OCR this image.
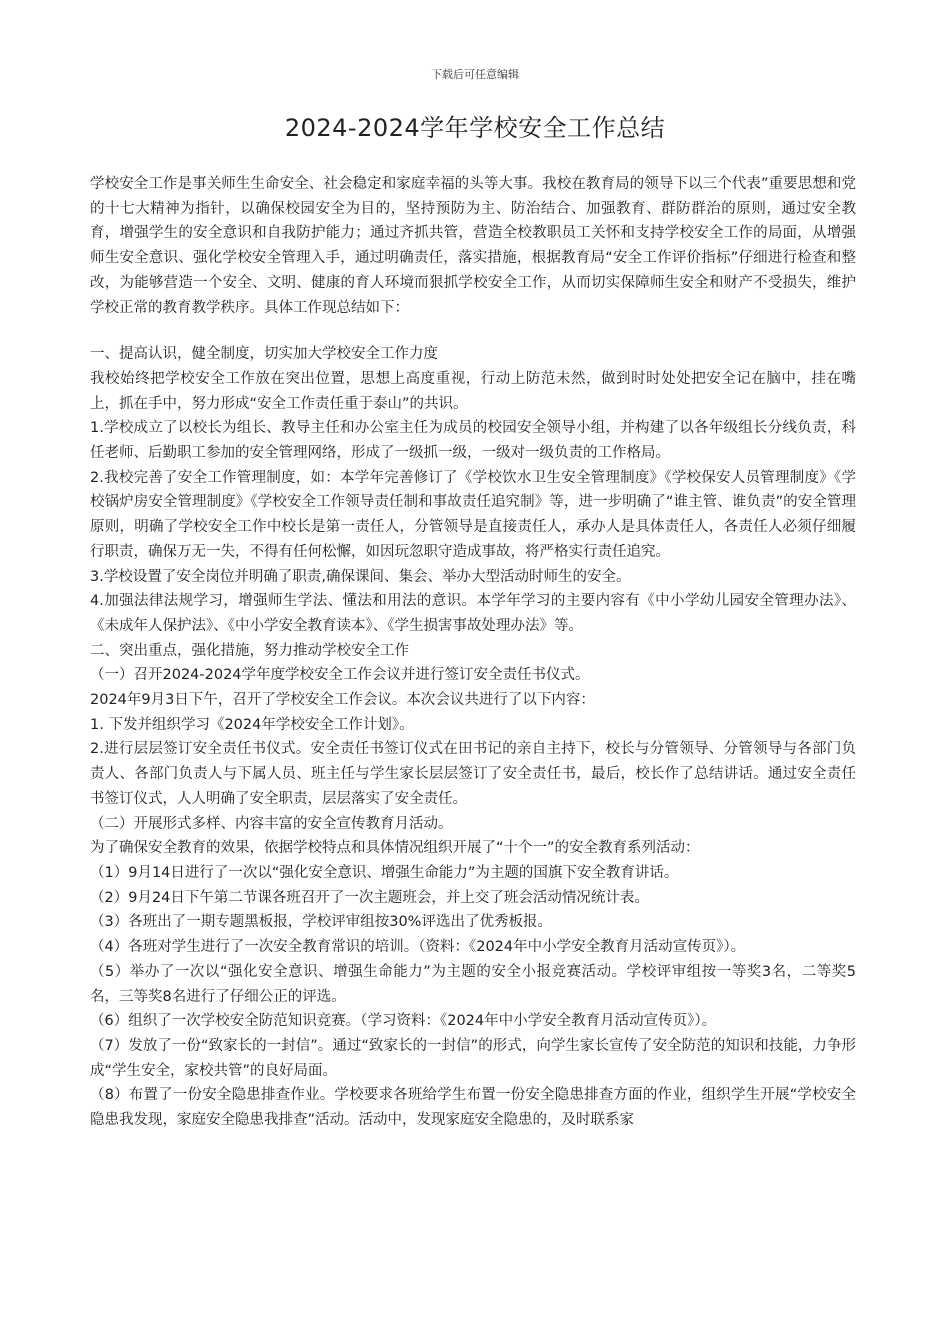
下载后可任意编辑
2024-2024学年学校安全工作总结

学校安全工作是事关师生生命安全、社会稳定和家庭幸福的头等大事。我校在教育局的领导下以三个代表”重要思想和党的十七大精神为指针，以确保校园安全为目的，坚持预防为主、防治结合、加强教育、群防群治的原则，通过安全教育，增强学生的安全意识和自我防护能力；通过齐抓共管，营造全校教职员工关怀和支持学校安全工作的局面，从增强师生安全意识、强化学校安全管理入手，通过明确责任，落实措施，根据教育局“安全工作评价指标”仔细进行检查和整改，为能够营造一个安全、文明、健康的育人环境而狠抓学校安全工作，从而切实保障师生安全和财产不受损失，维护学校正常的教育教学秩序。具体工作现总结如下：

一、提高认识，健全制度，切实加大学校安全工作力度

我校始终把学校安全工作放在突出位置，思想上高度重视，行动上防范未然，做到时时处处把安全记在脑中，挂在嘴上，抓在手中，努力形成“安全工作责任重于泰山”的共识。

1.学校成立了以校长为组长、教导主任和办公室主任为成员的校园安全领导小组，并构建了以各年级组长分线负责，科任老师、后勤职工参加的安全管理网络，形成了一级抓一级，一级对一级负责的工作格局。

2.我校完善了安全工作管理制度，如：本学年完善修订了《学校饮水卫生安全管理制度》《学校保安人员管理制度》《学校锅炉房安全管理制度》《学校安全工作领导责任制和事故责任追究制》等，进一步明确了“谁主管、谁负责”的安全管理原则，明确了学校安全工作中校长是第一责任人，分管领导是直接责任人，承办人是具体责任人，各责任人必须仔细履行职责，确保万无一失，不得有任何松懈，如因玩忽职守造成事故，将严格实行责任追究。

3.学校设置了安全岗位并明确了职责,确保课间、集会、举办大型活动时师生的安全。

4.加强法律法规学习，增强师生学法、懂法和用法的意识。本学年学习的主要内容有《中小学幼儿园安全管理办法》、《未成年人保护法》、《中小学安全教育读本》、《学生损害事故处理办法》等。

二、突出重点，强化措施，努力推动学校安全工作

（一）召开2024-2024学年度学校安全工作会议并进行签订安全责任书仪式。

2024年9月3日下午，召开了学校安全工作会议。本次会议共进行了以下内容：

1. 下发并组织学习《2024年学校安全工作计划》。

2.进行层层签订安全责任书仪式。安全责任书签订仪式在田书记的亲自主持下，校长与分管领导、分管领导与各部门负责人、各部门负责人与下属人员、班主任与学生家长层层签订了安全责任书，最后，校长作了总结讲话。通过安全责任书签订仪式，人人明确了安全职责，层层落实了安全责任。

（二）开展形式多样、内容丰富的安全宣传教育月活动。

为了确保安全教育的效果，依据学校特点和具体情况组织开展了“十个一”的安全教育系列活动：

（1）9月14日进行了一次以“强化安全意识、增强生命能力”为主题的国旗下安全教育讲话。

（2）9月24日下午第二节课各班召开了一次主题班会，并上交了班会活动情况统计表。

（3）各班出了一期专题黑板报，学校评审组按30%评选出了优秀板报。

（4）各班对学生进行了一次安全教育常识的培训。（资料：《2024年中小学安全教育月活动宣传页》）。

（5）举办了一次以“强化安全意识、增强生命能力”为主题的安全小报竞赛活动。学校评审组按一等奖3名，二等奖5名，三等奖8名进行了仔细公正的评选。

（6）组织了一次学校安全防范知识竞赛。（学习资料：《2024年中小学安全教育月活动宣传页》）。

（7）发放了一份“致家长的一封信”。通过“致家长的一封信”的形式，向学生家长宣传了安全防范的知识和技能，力争形成“学生安全，家校共管”的良好局面。

（8）布置了一份安全隐患排查作业。学校要求各班给学生布置一份安全隐患排查方面的作业，组织学生开展“学校安全隐患我发现，家庭安全隐患我排查”活动。活动中，发现家庭安全隐患的，及时联系家
